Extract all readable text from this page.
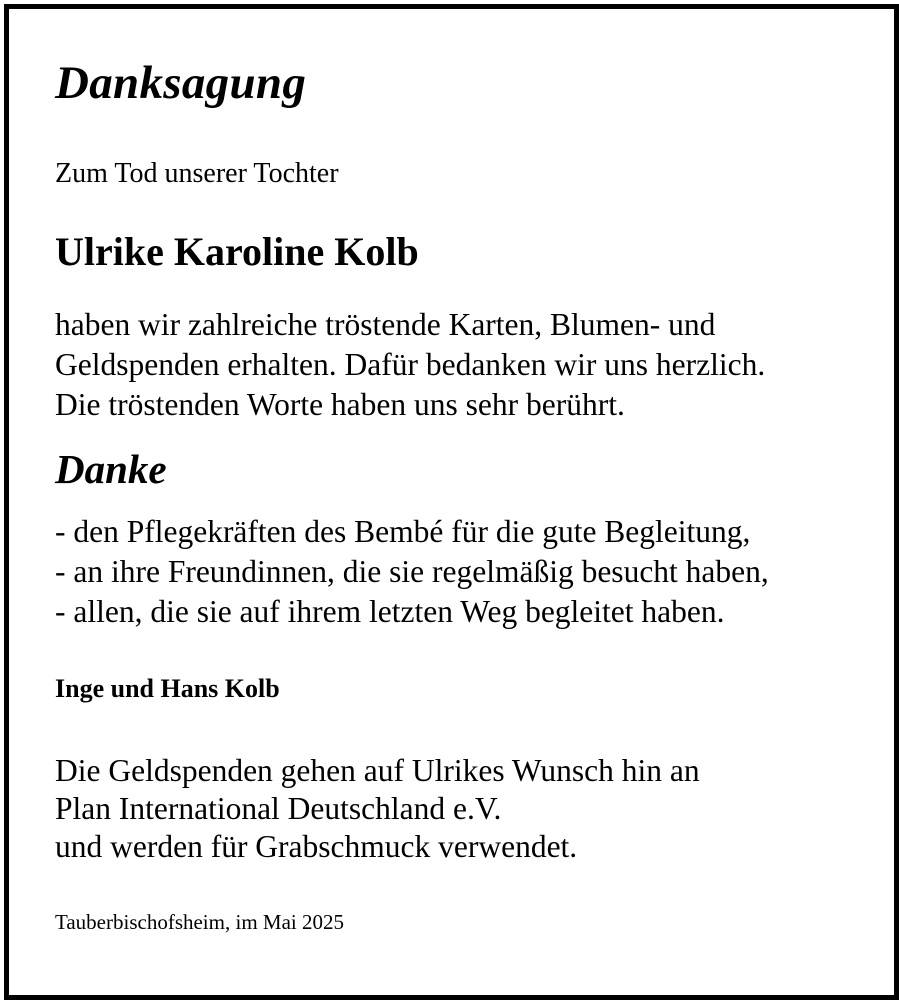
Danksagung

Zum Tod unserer Tochter

Ulrike Karoline Kolb
haben wir zahlreiche tröstende Karten, Blumen- und
Geldspenden erhalten. Dafür bedanken wir uns herzlich.
Die tröstenden Worte haben uns sehr berührt.
Danke
- den Pflegekräften des Bembé für die gute Begleitung,
- an ihre Freundinnen, die sie regelmäßig besucht haben,
- allen, die sie auf ihrem letzten Weg begleitet haben.

Inge und Hans Kolb

Die Geldspenden gehen auf Ulrikes Wunsch hin an
Plan International Deutschland e.V.
und werden für Grabschmuck verwendet.

Tauberbischofsheim, im Mai 2025
